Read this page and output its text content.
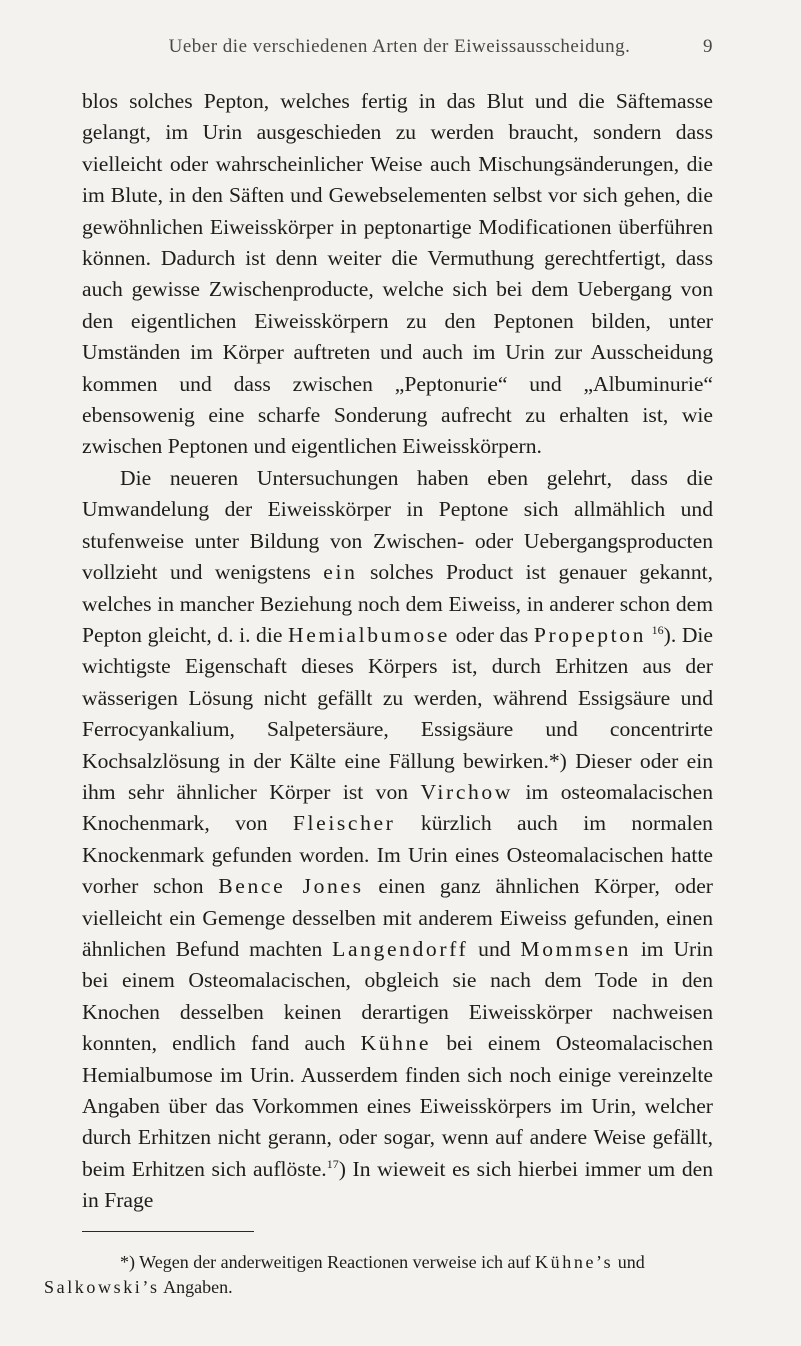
Ueber die verschiedenen Arten der Eiweissausscheidung.	9

blos solches Pepton, welches fertig in das Blut und die Säftemasse gelangt, im Urin ausgeschieden zu werden braucht, sondern dass vielleicht oder wahrscheinlicher Weise auch Mischungsänderungen, die im Blute, in den Säften und Gewebselementen selbst vor sich gehen, die gewöhnlichen Eiweisskörper in peptonartige Modificationen überführen können. Dadurch ist denn weiter die Vermuthung gerechtfertigt, dass auch gewisse Zwischenproducte, welche sich bei dem Uebergang von den eigentlichen Eiweisskörpern zu den Peptonen bilden, unter Umständen im Körper auftreten und auch im Urin zur Ausscheidung kommen und dass zwischen „Peptonurie“ und „Albuminurie“ ebensowenig eine scharfe Sonderung aufrecht zu erhalten ist, wie zwischen Peptonen und eigentlichen Eiweisskörpern.

Die neueren Untersuchungen haben eben gelehrt, dass die Umwandelung der Eiweisskörper in Peptone sich allmählich und stufenweise unter Bildung von Zwischen- oder Uebergangsproducten vollzieht und wenigstens ein solches Product ist genauer gekannt, welches in mancher Beziehung noch dem Eiweiss, in anderer schon dem Pepton gleicht, d. i. die Hemialbumose oder das Propepton $^{16}$). Die wichtigste Eigenschaft dieses Körpers ist, durch Erhitzen aus der wässerigen Lösung nicht gefällt zu werden, während Essigsäure und Ferrocyankalium, Salpetersäure, Essigsäure und concentrirte Kochsalzlösung in der Kälte eine Fällung bewirken.*) Dieser oder ein ihm sehr ähnlicher Körper ist von Virchow im osteomalacischen Knochenmark, von Fleischer kürzlich auch im normalen Knockenmark gefunden worden. Im Urin eines Osteomalacischen hatte vorher schon Bence Jones einen ganz ähnlichen Körper, oder vielleicht ein Gemenge desselben mit anderem Eiweiss gefunden, einen ähnlichen Befund machten Langendorff und Mommsen im Urin bei einem Osteomalacischen, obgleich sie nach dem Tode in den Knochen desselben keinen derartigen Eiweisskörper nachweisen konnten, endlich fand auch Kühne bei einem Osteomalacischen Hemialbumose im Urin. Ausserdem finden sich noch einige vereinzelte Angaben über das Vorkommen eines Eiweisskörpers im Urin, welcher durch Erhitzen nicht gerann, oder sogar, wenn auf andere Weise gefällt, beim Erhitzen sich auflöste.$^{17}$) In wieweit es sich hierbei immer um den in Frage

*) Wegen der anderweitigen Reactionen verweise ich auf Kühne’s und
Salkowski’s Angaben.
